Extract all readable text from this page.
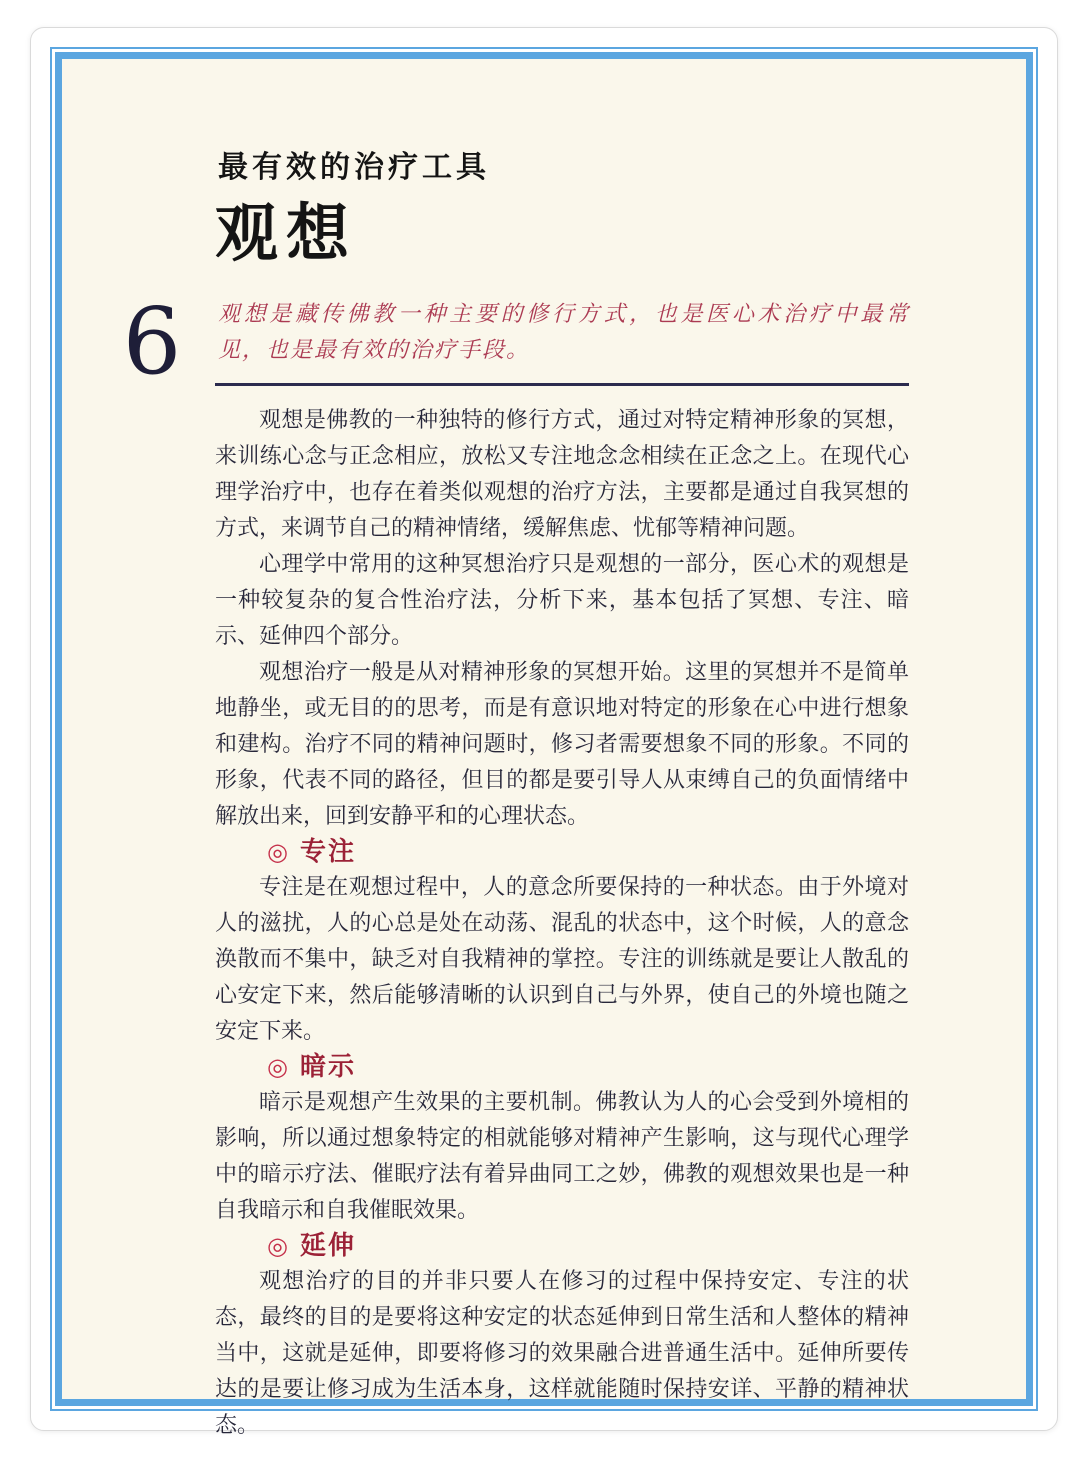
6
最有效的治疗工具
观想
观想是藏传佛教一种主要的修行方式，也是医心术治疗中最常见，也是最有效的治疗手段。

观想是佛教的一种独特的修行方式，通过对特定精神形象的冥想，来训练心念与正念相应，放松又专注地念念相续在正念之上。在现代心理学治疗中，也存在着类似观想的治疗方法，主要都是通过自我冥想的方式，来调节自己的精神情绪，缓解焦虑、忧郁等精神问题。

心理学中常用的这种冥想治疗只是观想的一部分，医心术的观想是一种较复杂的复合性治疗法，分析下来，基本包括了冥想、专注、暗示、延伸四个部分。

观想治疗一般是从对精神形象的冥想开始。这里的冥想并不是简单地静坐，或无目的的思考，而是有意识地对特定的形象在心中进行想象和建构。治疗不同的精神问题时，修习者需要想象不同的形象。不同的形象，代表不同的路径，但目的都是要引导人从束缚自己的负面情绪中解放出来，回到安静平和的心理状态。

◎ 专注

专注是在观想过程中，人的意念所要保持的一种状态。由于外境对人的滋扰，人的心总是处在动荡、混乱的状态中，这个时候，人的意念涣散而不集中，缺乏对自我精神的掌控。专注的训练就是要让人散乱的心安定下来，然后能够清晰的认识到自己与外界，使自己的外境也随之安定下来。

◎ 暗示

暗示是观想产生效果的主要机制。佛教认为人的心会受到外境相的影响，所以通过想象特定的相就能够对精神产生影响，这与现代心理学中的暗示疗法、催眠疗法有着异曲同工之妙，佛教的观想效果也是一种自我暗示和自我催眠效果。

◎ 延伸

观想治疗的目的并非只要人在修习的过程中保持安定、专注的状态，最终的目的是要将这种安定的状态延伸到日常生活和人整体的精神当中，这就是延伸，即要将修习的效果融合进普通生活中。延伸所要传达的是要让修习成为生活本身，这样就能随时保持安详、平静的精神状态。
